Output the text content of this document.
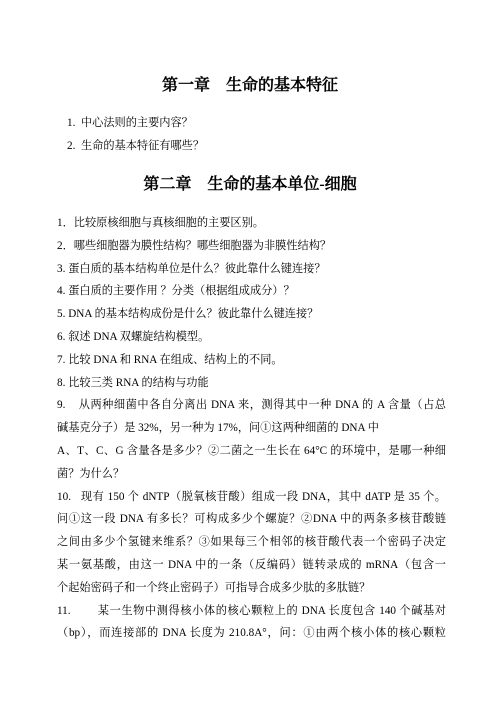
第一章　生命的基本特征
1.  中心法则的主要内容？
2.  生命的基本特征有哪些？
第二章　生命的基本单位-细胞
1．比较原核细胞与真核细胞的主要区别。
2．哪些细胞器为膜性结构？哪些细胞器为非膜性结构？
3. 蛋白质的基本结构单位是什么？彼此靠什么键连接？
4. 蛋白质的主要作用 ？分类（根据组成成分）？
5. DNA 的基本结构成份是什么？彼此靠什么键连接？
6. 叙述 DNA 双螺旋结构模型。
7. 比较 DNA 和 RNA 在组成、结构上的不同。
8. 比较三类 RNA 的结构与功能
9.    从两种细菌中各自分离出 DNA 来，测得其中一种 DNA 的 A 含量（占总
碱基克分子）是 32%，另一种为 17%，问①这两种细菌的 DNA 中
A、T、C、G 含量各是多少？②二菌之一生长在 64°C 的环境中，是哪一种细
菌？为什么？
10.   现有 150 个 dNTP（脱氧核苷酸）组成一段 DNA，其中 dATP 是 35 个。
问①这一段 DNA 有多长？可构成多少个螺旋？②DNA 中的两条多核苷酸链
之间由多少个氢键来维系？③如果每三个相邻的核苷酸代表一个密码子决定
某一氨基酸，由这一 DNA 中的一条（反编码）链转录成的 mRNA（包含一
个起始密码子和一个终止密码子）可指导合成多少肽的多肽链？
11.        某一生物中测得核小体的核心颗粒上的 DNA 长度包含 140 个碱基对
（bp），而连接部的 DNA 长度为 210.8A°，问：①由两个核小体的核心颗粒
